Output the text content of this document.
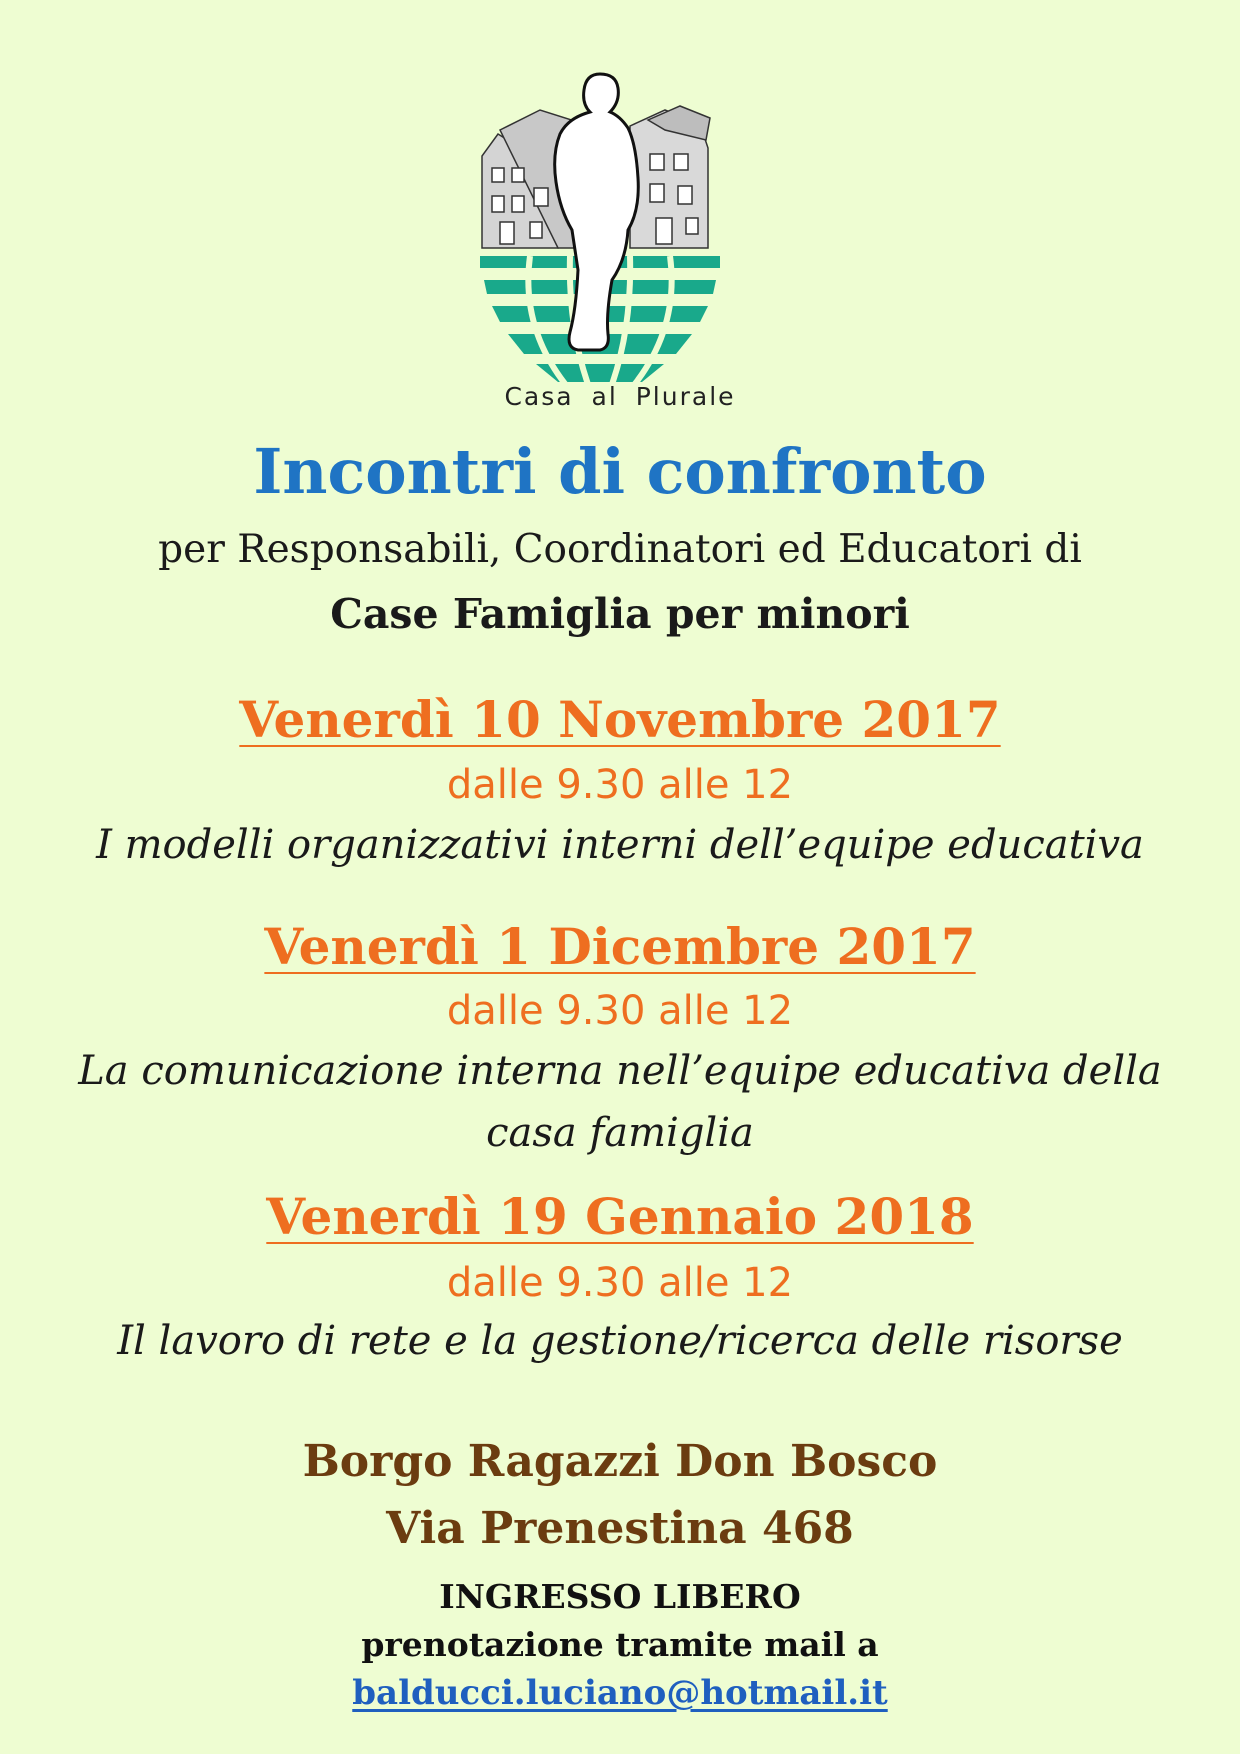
Casa al Plurale
Incontri di confronto
per Responsabili, Coordinatori ed Educatori di
Case Famiglia per minori
Venerdì 10 Novembre 2017
dalle 9.30 alle 12
I modelli organizzativi interni dell’equipe educativa
Venerdì 1 Dicembre 2017
dalle 9.30 alle 12
La comunicazione interna nell’equipe educativa della
casa famiglia
Venerdì 19 Gennaio 2018
dalle 9.30 alle 12
Il lavoro di rete e la gestione/ricerca delle risorse
Borgo Ragazzi Don Bosco
Via Prenestina 468
INGRESSO LIBERO
prenotazione tramite mail a
balducci.luciano@hotmail.it
